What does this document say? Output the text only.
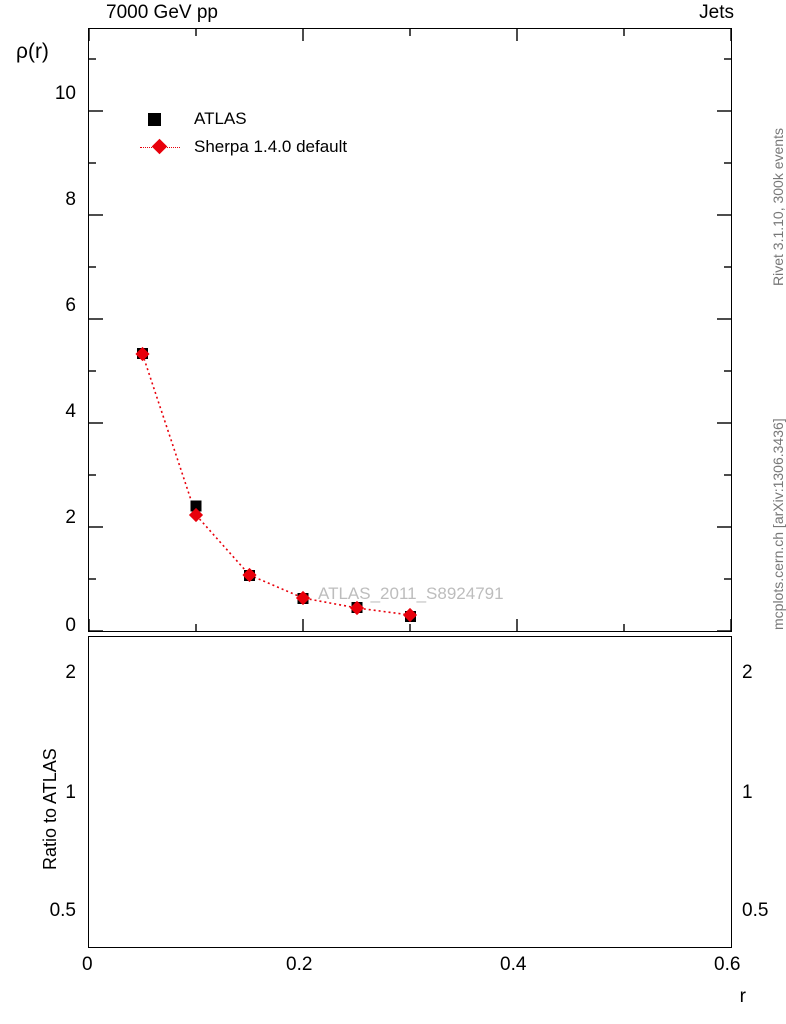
7000 GeV pp	Jets
Rivet 3.1.10, 300k events
mcplots.cern.ch [arXiv:1306.3436]
ρ(r)
0
2
4
6
8
10
ATLAS
Sherpa 1.4.0 default
ATLAS_2011_S8924791
1
0.5
2
1
0.5
2
Ratio to ATLAS
0	0.2	0.4	0.6
r
